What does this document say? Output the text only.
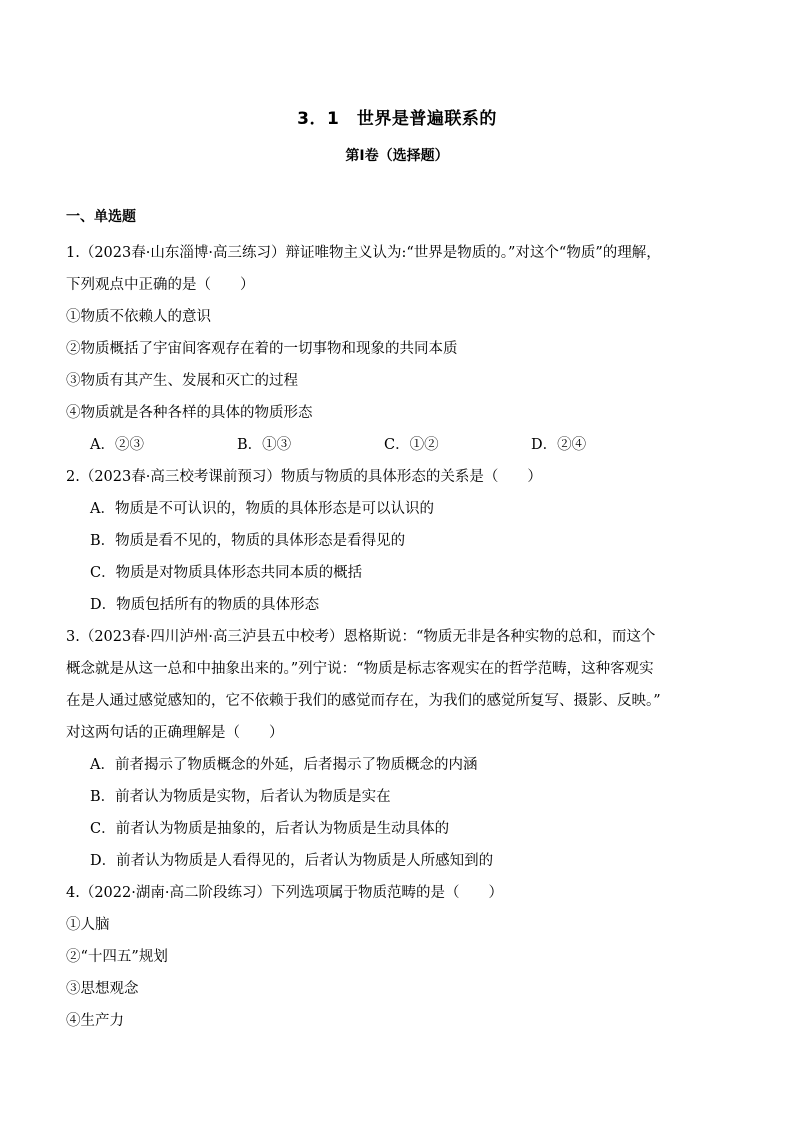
3．1　世界是普遍联系的
第I卷（选择题）
一、单选题
1.（2023春·山东淄博·高三练习）辩证唯物主义认为:“世界是物质的。”对这个“物质”的理解，
下列观点中正确的是（　　）
①物质不依赖人的意识
②物质概括了宇宙间客观存在着的一切事物和现象的共同本质
③物质有其产生、发展和灭亡的过程
④物质就是各种各样的具体的物质形态
A．②③	B．①③	C．①②	D．②④
2.（2023春·高三校考课前预习）物质与物质的具体形态的关系是（　　）
A．物质是不可认识的，物质的具体形态是可以认识的
B．物质是看不见的，物质的具体形态是看得见的
C．物质是对物质具体形态共同本质的概括
D．物质包括所有的物质的具体形态
3.（2023春·四川泸州·高三泸县五中校考）恩格斯说：“物质无非是各种实物的总和，而这个
概念就是从这一总和中抽象出来的。”列宁说：“物质是标志客观实在的哲学范畴，这种客观实
在是人通过感觉感知的，它不依赖于我们的感觉而存在，为我们的感觉所复写、摄影、反映。”
对这两句话的正确理解是（　　）
A．前者揭示了物质概念的外延，后者揭示了物质概念的内涵
B．前者认为物质是实物，后者认为物质是实在
C．前者认为物质是抽象的，后者认为物质是生动具体的
D．前者认为物质是人看得见的，后者认为物质是人所感知到的
4.（2022·湖南·高二阶段练习）下列选项属于物质范畴的是（　　）
①人脑
②“十四五”规划
③思想观念
④生产力
